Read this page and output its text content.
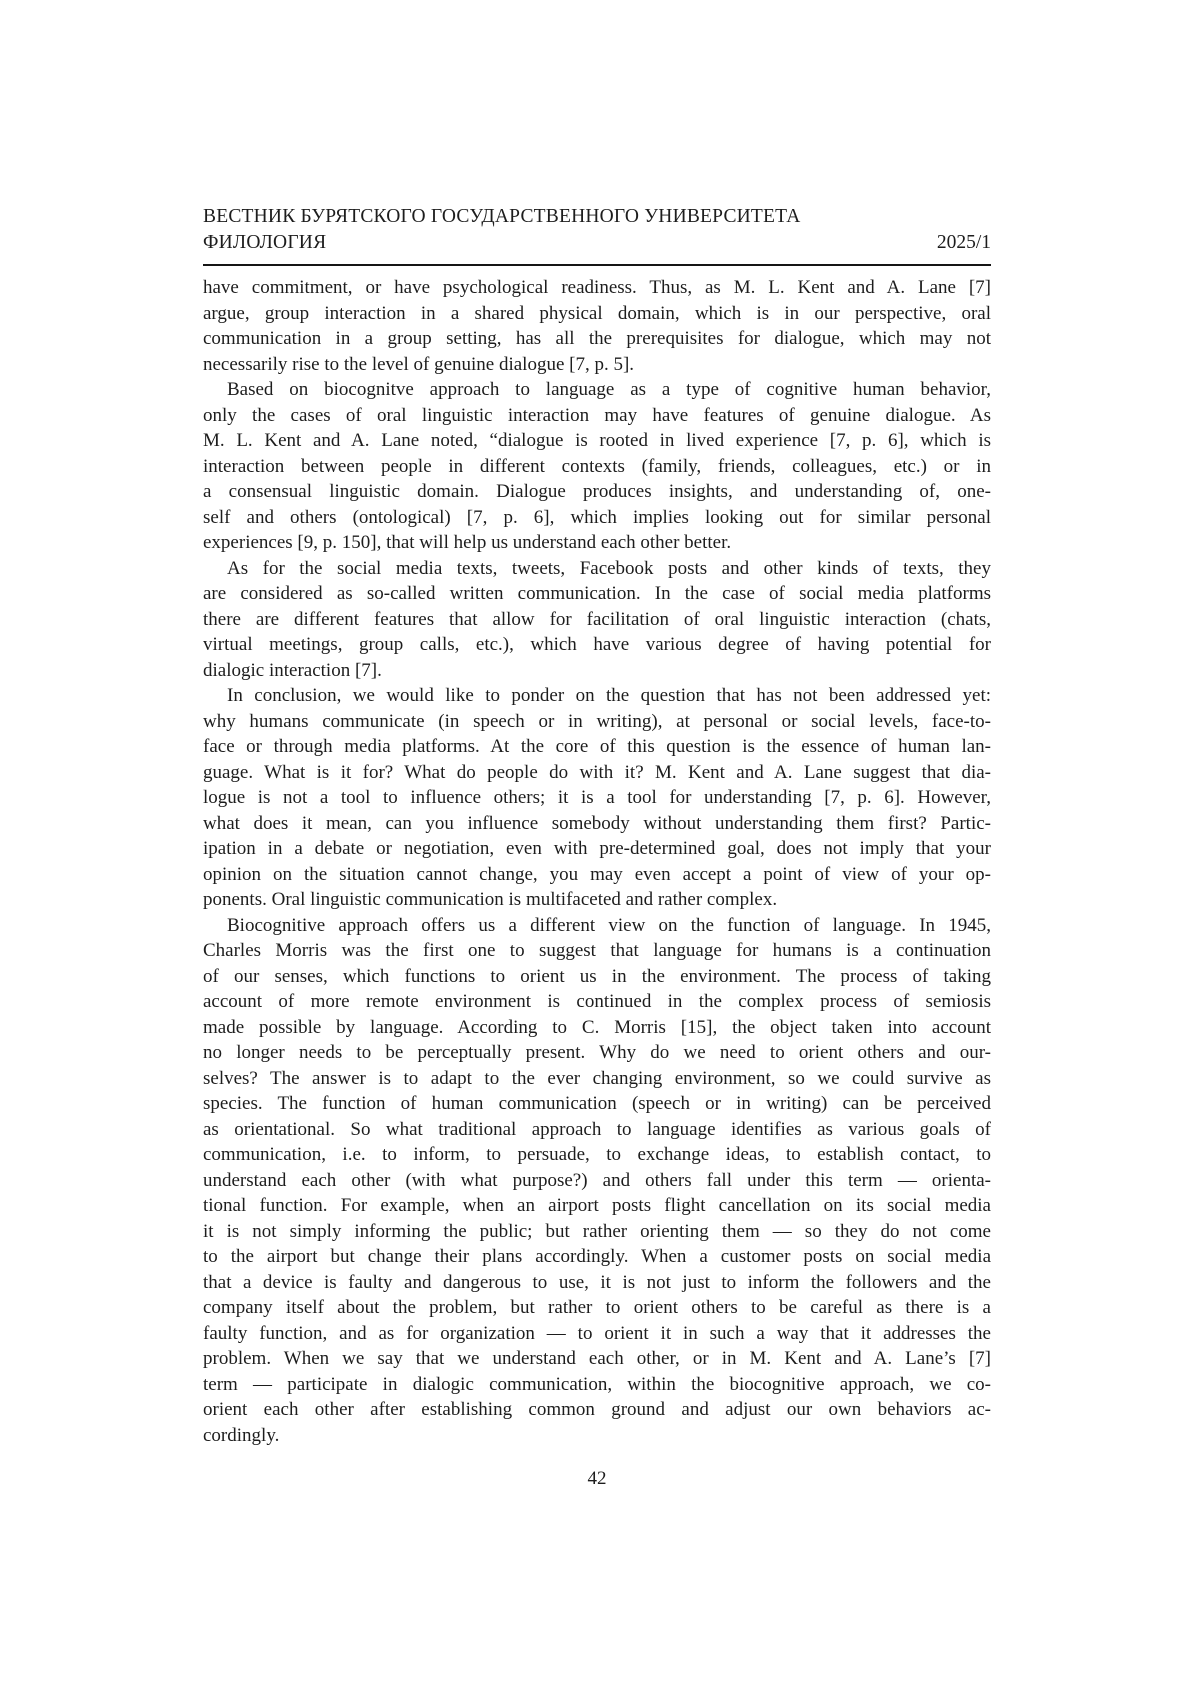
ВЕСТНИК БУРЯТСКОГО ГОСУДАРСТВЕННОГО УНИВЕРСИТЕТА
ФИЛОЛОГИЯ	2025/1
have commitment, or have psychological readiness. Thus, as M. L. Kent and A. Lane [7]
argue, group interaction in a shared physical domain, which is in our perspective, oral
communication in a group setting, has all the prerequisites for dialogue, which may not
necessarily rise to the level of genuine dialogue [7, p. 5].
Based on biocognitve approach to language as a type of cognitive human behavior,
only the cases of oral linguistic interaction may have features of genuine dialogue. As
M. L. Kent and A. Lane noted, “dialogue is rooted in lived experience [7, p. 6], which is
interaction between people in different contexts (family, friends, colleagues, etc.) or in
a consensual linguistic domain. Dialogue produces insights, and understanding of, one-
self and others (ontological) [7, p. 6], which implies looking out for similar personal
experiences [9, p. 150], that will help us understand each other better.
As for the social media texts, tweets, Facebook posts and other kinds of texts, they
are considered as so-called written communication. In the case of social media platforms
there are different features that allow for facilitation of oral linguistic interaction (chats,
virtual meetings, group calls, etc.), which have various degree of having potential for
dialogic interaction [7].
In conclusion, we would like to ponder on the question that has not been addressed yet:
why humans communicate (in speech or in writing), at personal or social levels, face-to-
face or through media platforms. At the core of this question is the essence of human lan-
guage. What is it for? What do people do with it? M. Kent and A. Lane suggest that dia-
logue is not a tool to influence others; it is a tool for understanding [7, p. 6]. However,
what does it mean, can you influence somebody without understanding them first? Partic-
ipation in a debate or negotiation, even with pre-determined goal, does not imply that your
opinion on the situation cannot change, you may even accept a point of view of your op-
ponents. Oral linguistic communication is multifaceted and rather complex.
Biocognitive approach offers us a different view on the function of language. In 1945,
Charles Morris was the first one to suggest that language for humans is a continuation
of our senses, which functions to orient us in the environment. The process of taking
account of more remote environment is continued in the complex process of semiosis
made possible by language. According to C. Morris [15], the object taken into account
no longer needs to be perceptually present. Why do we need to orient others and our-
selves? The answer is to adapt to the ever changing environment, so we could survive as
species. The function of human communication (speech or in writing) can be perceived
as orientational. So what traditional approach to language identifies as various goals of
communication, i.e. to inform, to persuade, to exchange ideas, to establish contact, to
understand each other (with what purpose?) and others fall under this term — orienta-
tional function. For example, when an airport posts flight cancellation on its social media
it is not simply informing the public; but rather orienting them — so they do not come
to the airport but change their plans accordingly. When a customer posts on social media
that a device is faulty and dangerous to use, it is not just to inform the followers and the
company itself about the problem, but rather to orient others to be careful as there is a
faulty function, and as for organization — to orient it in such a way that it addresses the
problem. When we say that we understand each other, or in M. Kent and A. Lane’s [7]
term — participate in dialogic communication, within the biocognitive approach, we co-
orient each other after establishing common ground and adjust our own behaviors ac-
cordingly.
42
